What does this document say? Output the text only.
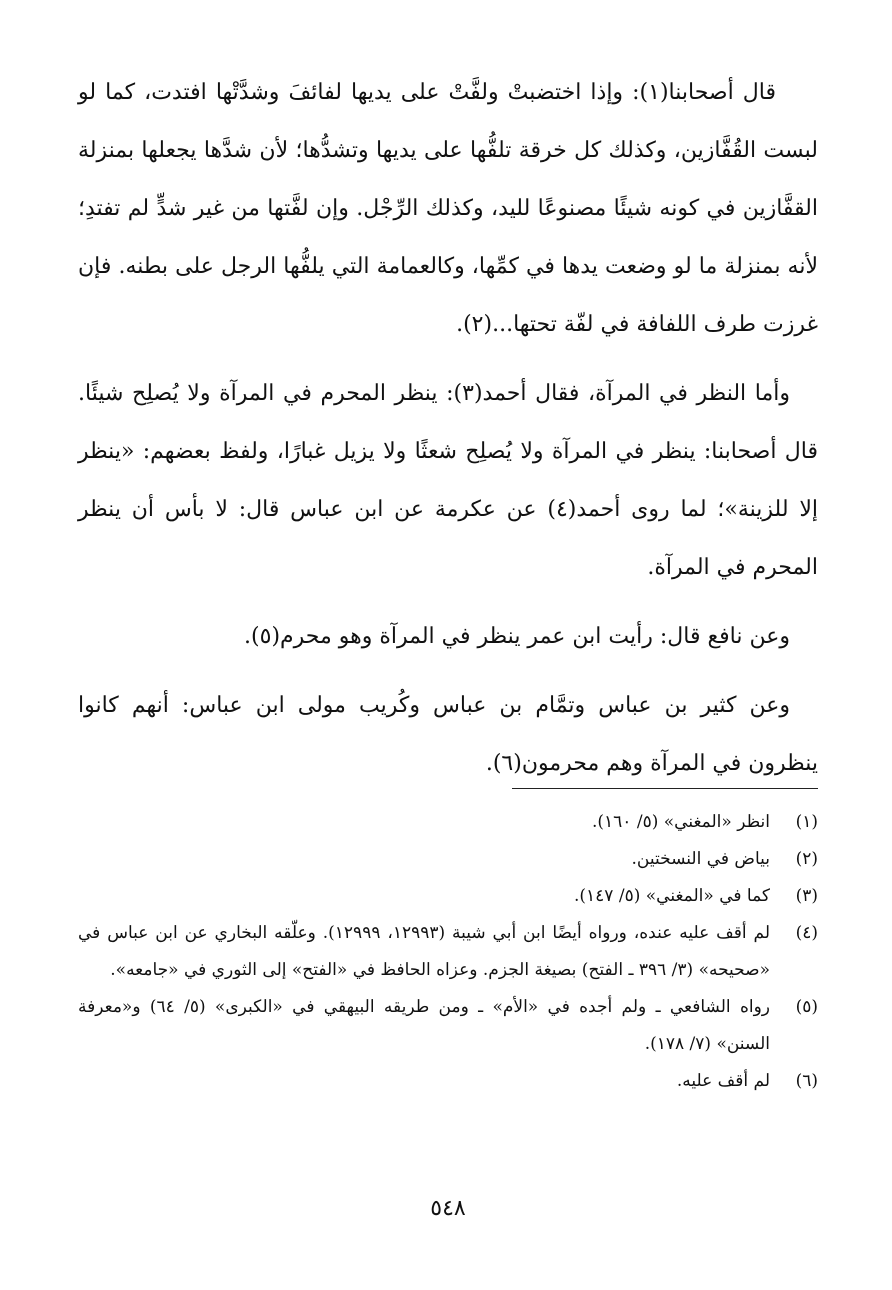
قال أصحابنا(١): وإذا اختضبتْ ولفَّتْ على يديها لفائفَ وشدَّتْها افتدت، كما لو لبست القُفَّازين، وكذلك كل خرقة تلفُّها على يديها وتشدُّها؛ لأن شدَّها يجعلها بمنزلة القفَّازين في كونه شيئًا مصنوعًا لليد، وكذلك الرِّجْل. وإن لفَّتها من غير شدٍّ لم تفتدِ؛ لأنه بمنزلة ما لو وضعت يدها في كمِّها، وكالعمامة التي يلفُّها الرجل على بطنه. فإن غرزت طرف اللفافة في لفّة تحتها...(٢).

وأما النظر في المرآة، فقال أحمد(٣): ينظر المحرم في المرآة ولا يُصلِح شيئًا. قال أصحابنا: ينظر في المرآة ولا يُصلِح شعثًا ولا يزيل غبارًا، ولفظ بعضهم: «ينظر إلا للزينة»؛ لما روى أحمد(٤) عن عكرمة عن ابن عباس قال: لا بأس أن ينظر المحرم في المرآة.

وعن نافع قال: رأيت ابن عمر ينظر في المرآة وهو محرم(٥).

وعن كثير بن عباس وتمَّام بن عباس وكُريب مولى ابن عباس: أنهم كانوا ينظرون في المرآة وهم محرمون(٦).

(١)
انظر «المغني» (٥/ ١٦٠).

(٢)
بياض في النسختين.

(٣)
كما في «المغني» (٥/ ١٤٧).

(٤)
لم أقف عليه عنده، ورواه أيضًا ابن أبي شيبة (١٢٩٩٣، ١٢٩٩٩). وعلّقه البخاري عن ابن عباس في «صحيحه» (٣/ ٣٩٦ ـ الفتح) بصيغة الجزم. وعزاه الحافظ في «الفتح» إلى الثوري في «جامعه».

(٥)
رواه الشافعي ـ ولم أجده في «الأم» ـ ومن طريقه البيهقي في «الكبرى» (٥/ ٦٤) و«معرفة السنن» (٧/ ١٧٨).

(٦)
لم أقف عليه.

٥٤٨
